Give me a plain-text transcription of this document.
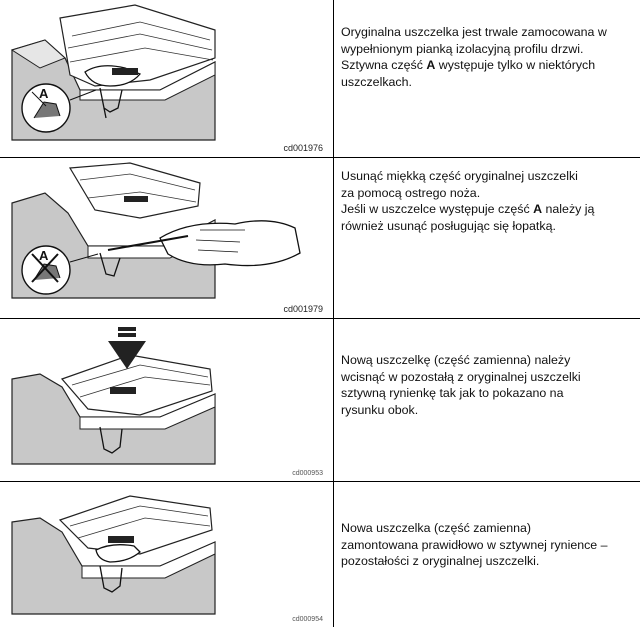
A
cd001976	Oryginalna uszczelka jest trwale zamocowana w
wypełnionym pianką izolacyjną profilu drzwi.
Sztywna część A występuje tylko w niektórych
uszczelkach.

A
cd001979	Usunąć miękką część oryginalnej uszczelki
za pomocą ostrego noża.
Jeśli w uszczelce występuje część A należy ją
również usunąć posługując się łopatką.

cd000953	Nową uszczelkę (część zamienna) należy
wcisnąć w pozostałą z oryginalnej uszczelki
sztywną rynienkę tak jak to pokazano na
rysunku obok.

cd000954	Nowa uszczelka (część zamienna)
zamontowana prawidłowo w sztywnej rynience –
pozostałości z oryginalnej uszczelki.
